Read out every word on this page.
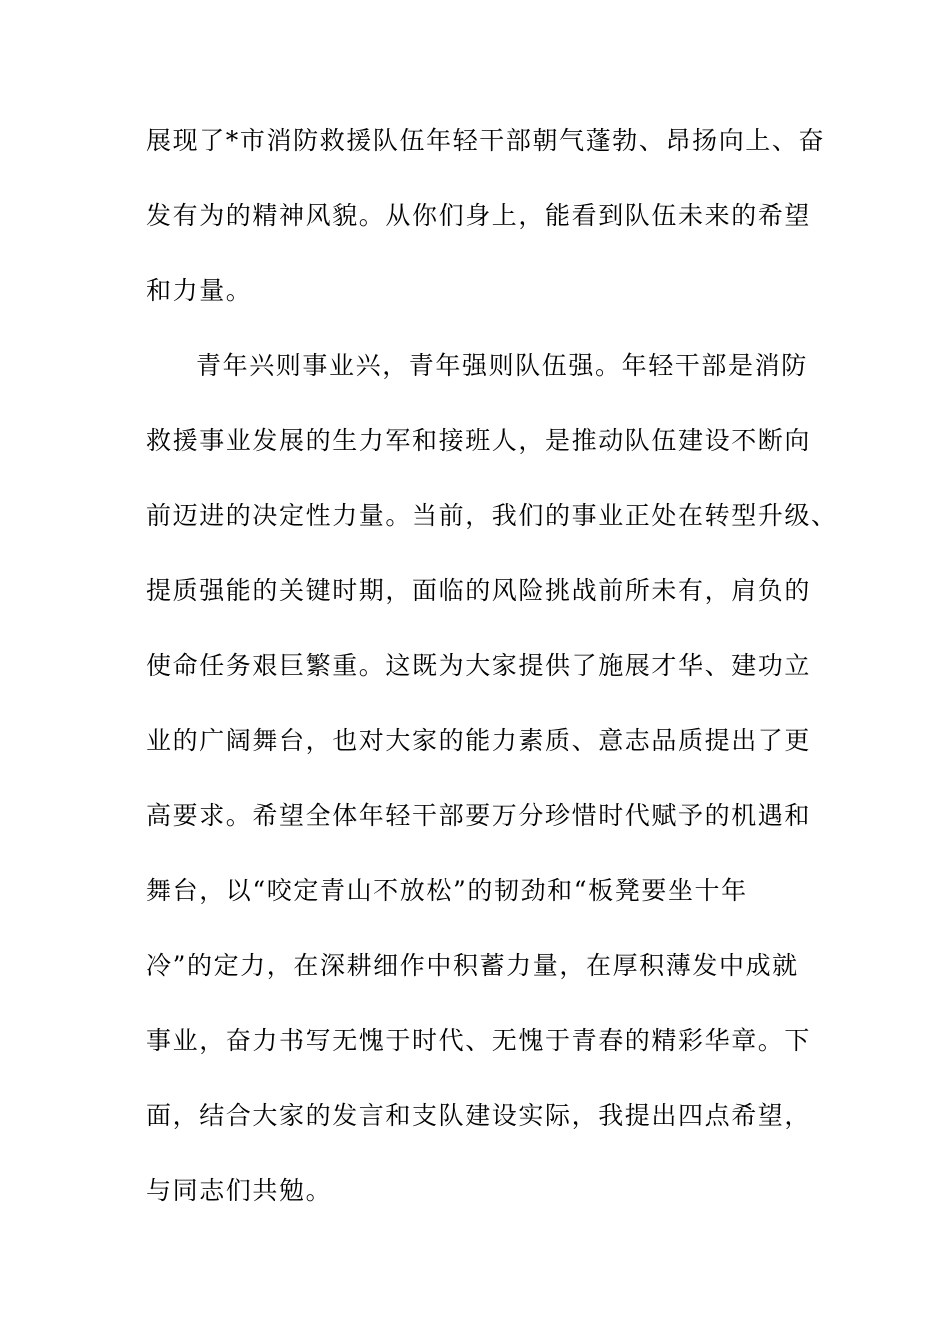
展现了*市消防救援队伍年轻干部朝气蓬勃、昂扬向上、奋
发有为的精神风貌。从你们身上，能看到队伍未来的希望
和力量。
青年兴则事业兴，青年强则队伍强。年轻干部是消防
救援事业发展的生力军和接班人，是推动队伍建设不断向
前迈进的决定性力量。当前，我们的事业正处在转型升级、
提质强能的关键时期，面临的风险挑战前所未有，肩负的
使命任务艰巨繁重。这既为大家提供了施展才华、建功立
业的广阔舞台，也对大家的能力素质、意志品质提出了更
高要求。希望全体年轻干部要万分珍惜时代赋予的机遇和
舞台，以“咬定青山不放松”的韧劲和“板凳要坐十年
冷”的定力，在深耕细作中积蓄力量，在厚积薄发中成就
事业，奋力书写无愧于时代、无愧于青春的精彩华章。下
面，结合大家的发言和支队建设实际，我提出四点希望，
与同志们共勉。
